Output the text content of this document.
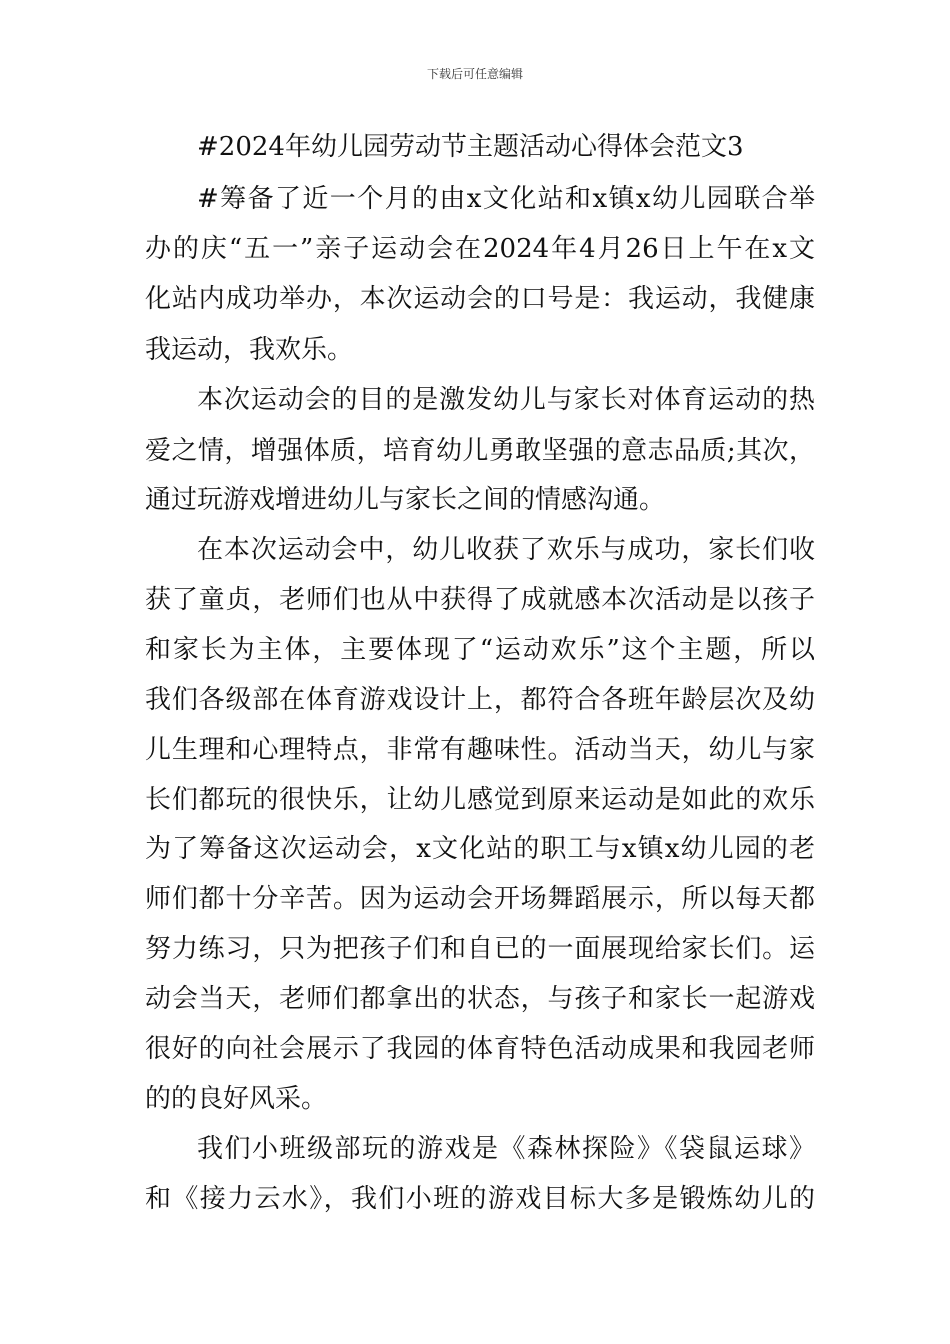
下载后可任意编辑
#2024年幼儿园劳动节主题活动心得体会范文3
#筹备了近一个月的由x文化站和x镇x幼儿园联合举
办的庆“五一”亲子运动会在2024年4月26日上午在x文
化站内成功举办，本次运动会的口号是：我运动，我健康
我运动，我欢乐。
本次运动会的目的是激发幼儿与家长对体育运动的热
爱之情，增强体质，培育幼儿勇敢坚强的意志品质;其次，
通过玩游戏增进幼儿与家长之间的情感沟通。
在本次运动会中，幼儿收获了欢乐与成功，家长们收
获了童贞，老师们也从中获得了成就感本次活动是以孩子
和家长为主体，主要体现了“运动欢乐”这个主题，所以
我们各级部在体育游戏设计上，都符合各班年龄层次及幼
儿生理和心理特点，非常有趣味性。活动当天，幼儿与家
长们都玩的很快乐，让幼儿感觉到原来运动是如此的欢乐
为了筹备这次运动会，x文化站的职工与x镇x幼儿园的老
师们都十分辛苦。因为运动会开场舞蹈展示，所以每天都
努力练习，只为把孩子们和自已的一面展现给家长们。运
动会当天，老师们都拿出的状态，与孩子和家长一起游戏
很好的向社会展示了我园的体育特色活动成果和我园老师
的的良好风采。
我们小班级部玩的游戏是《森林探险》《袋鼠运球》
和《接力云水》，我们小班的游戏目标大多是锻炼幼儿的
